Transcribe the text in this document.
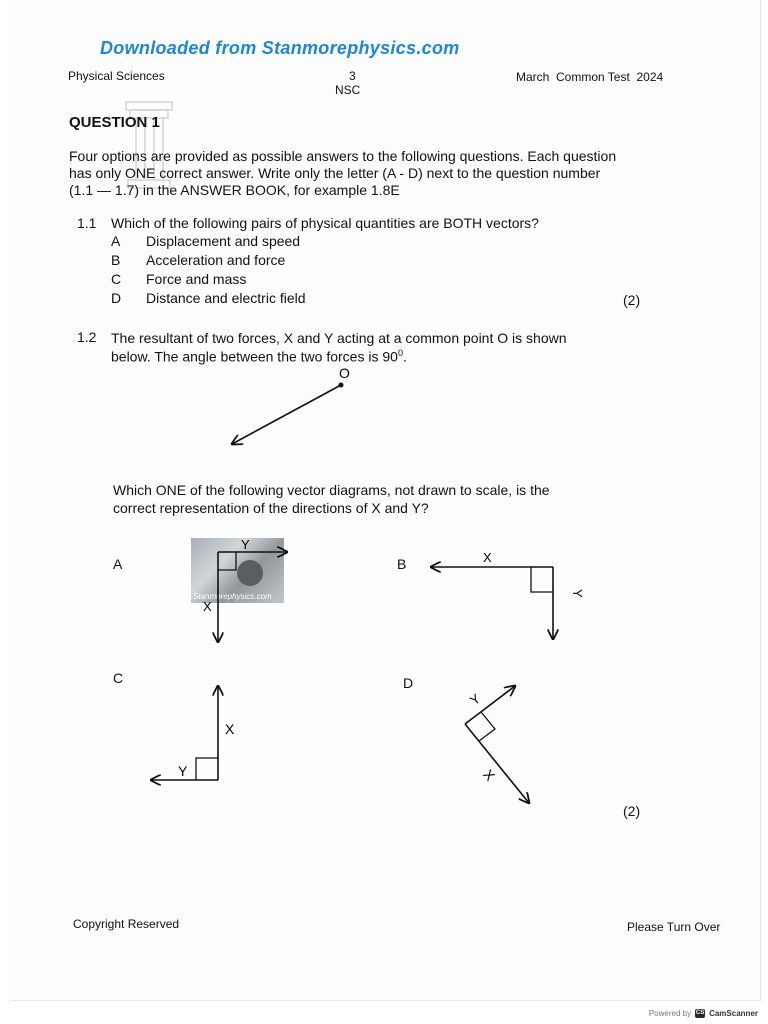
Downloaded from Stanmorephysics.com
Physical Sciences	3
NSC
March  Common Test  2024
QUESTION 1
Four options are provided as possible answers to the following questions. Each question
has only ONE correct answer. Write only the letter (A - D) next to the question number
(1.1 — 1.7) in the ANSWER BOOK, for example 1.8E
1.1 Which of the following pairs of physical quantities are BOTH vectors?
A Displacement and speed
B Acceleration and force
C Force and mass
D Distance and electric field	(2)
1.2 The resultant of two forces, X and Y acting at a common point O is shown
below. The angle between the two forces is $90^0$.
O
Which ONE of the following vector diagrams, not drawn to scale, is the
correct representation of the directions of X and Y?
A
Stanmorephysics.com
Y
X
B	X
Y
C
X
Y
D
Y
X
(2)
Copyright Reserved	Please Turn Over
Powered by CS CamScanner
